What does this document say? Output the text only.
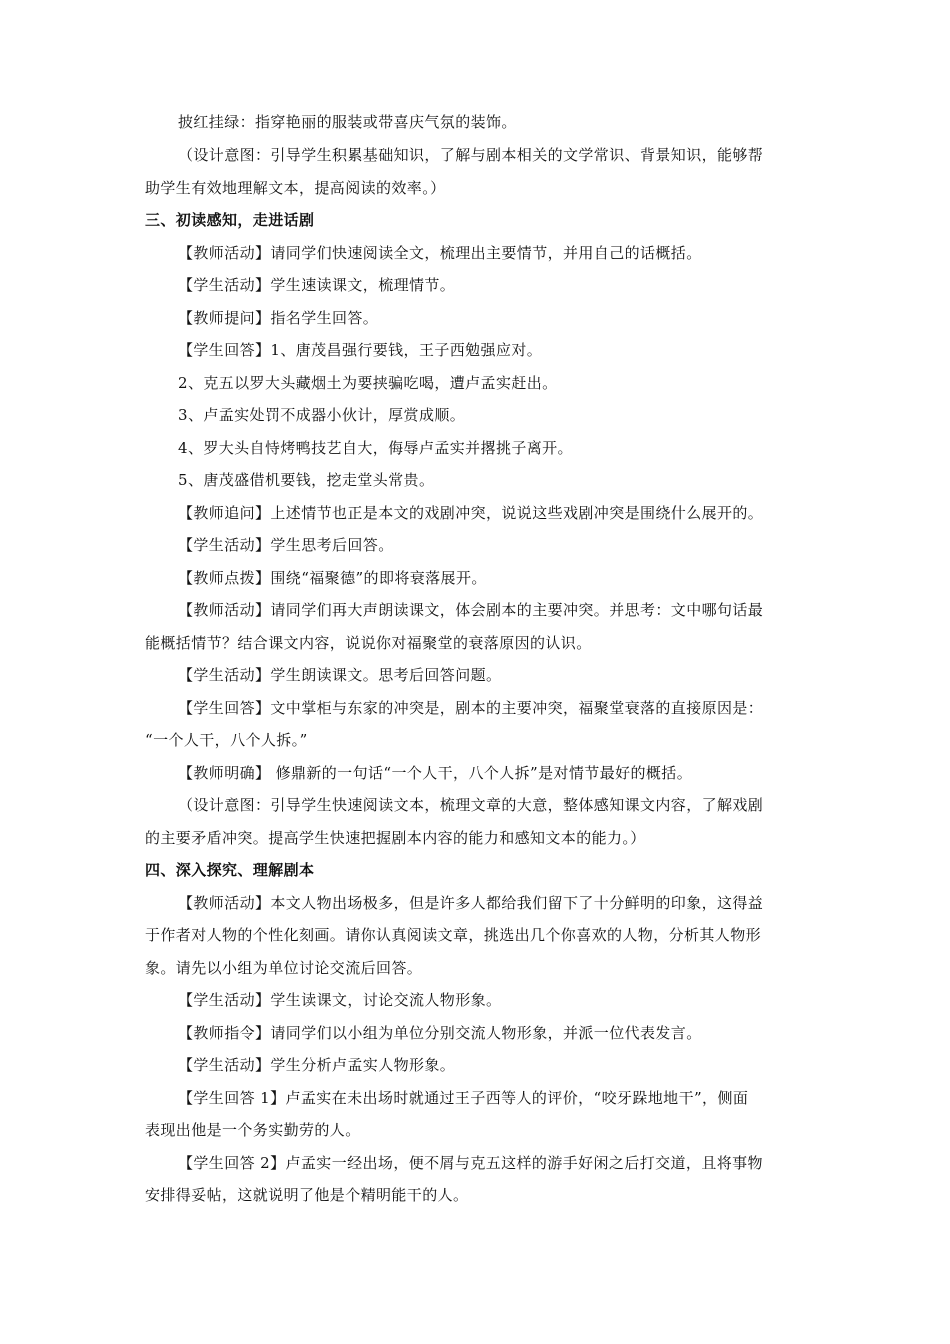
披红挂绿：指穿艳丽的服装或带喜庆气氛的装饰。
（设计意图：引导学生积累基础知识，了解与剧本相关的文学常识、背景知识，能够帮
助学生有效地理解文本，提高阅读的效率。）
三、初读感知，走进话剧
【教师活动】请同学们快速阅读全文，梳理出主要情节，并用自己的话概括。
【学生活动】学生速读课文，梳理情节。
【教师提问】指名学生回答。
【学生回答】1、唐茂昌强行要钱，王子西勉强应对。
2、克五以罗大头藏烟土为要挟骗吃喝，遭卢孟实赶出。
3、卢孟实处罚不成器小伙计，厚赏成顺。
4、罗大头自恃烤鸭技艺自大，侮辱卢孟实并撂挑子离开。
5、唐茂盛借机要钱，挖走堂头常贵。
【教师追问】上述情节也正是本文的戏剧冲突，说说这些戏剧冲突是围绕什么展开的。
【学生活动】学生思考后回答。
【教师点拨】围绕“福聚德”的即将衰落展开。
【教师活动】请同学们再大声朗读课文，体会剧本的主要冲突。并思考：文中哪句话最
能概括情节？结合课文内容，说说你对福聚堂的衰落原因的认识。
【学生活动】学生朗读课文。思考后回答问题。
【学生回答】文中掌柜与东家的冲突是，剧本的主要冲突，福聚堂衰落的直接原因是：
“一个人干，八个人拆。”
【教师明确】 修鼎新的一句话“一个人干，八个人拆”是对情节最好的概括。
（设计意图：引导学生快速阅读文本，梳理文章的大意，整体感知课文内容，了解戏剧
的主要矛盾冲突。提高学生快速把握剧本内容的能力和感知文本的能力。）
四、深入探究、理解剧本
【教师活动】本文人物出场极多，但是许多人都给我们留下了十分鲜明的印象，这得益
于作者对人物的个性化刻画。请你认真阅读文章，挑选出几个你喜欢的人物，分析其人物形
象。请先以小组为单位讨论交流后回答。
【学生活动】学生读课文，讨论交流人物形象。
【教师指令】请同学们以小组为单位分别交流人物形象，并派一位代表发言。
【学生活动】学生分析卢孟实人物形象。
【学生回答 1】卢孟实在未出场时就通过王子西等人的评价，“咬牙跺地地干”，侧面
表现出他是一个务实勤劳的人。
【学生回答 2】卢孟实一经出场，便不屑与克五这样的游手好闲之后打交道，且将事物
安排得妥帖，这就说明了他是个精明能干的人。
